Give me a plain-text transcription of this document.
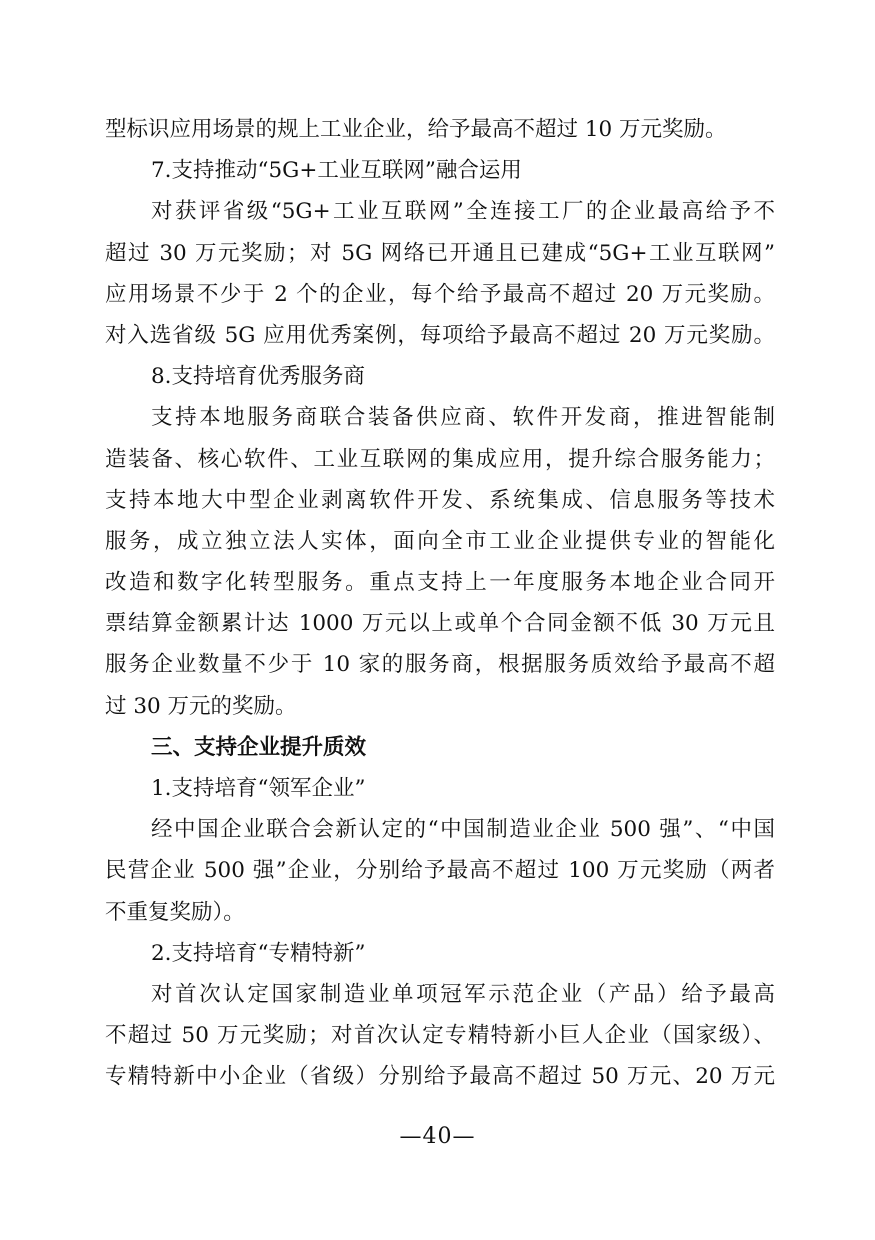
型标识应用场景的规上工业企业，给予最高不超过 10 万元奖励。
7.支持推动“5G+工业互联网”融合运用
对获评省级“5G+工业互联网”全连接工厂的企业最高给予不
超过 30 万元奖励；对 5G 网络已开通且已建成“5G+工业互联网”
应用场景不少于 2 个的企业，每个给予最高不超过 20 万元奖励。
对入选省级 5G 应用优秀案例，每项给予最高不超过 20 万元奖励。
8.支持培育优秀服务商
支持本地服务商联合装备供应商、软件开发商，推进智能制
造装备、核心软件、工业互联网的集成应用，提升综合服务能力；
支持本地大中型企业剥离软件开发、系统集成、信息服务等技术
服务，成立独立法人实体，面向全市工业企业提供专业的智能化
改造和数字化转型服务。重点支持上一年度服务本地企业合同开
票结算金额累计达 1000 万元以上或单个合同金额不低 30 万元且
服务企业数量不少于 10 家的服务商，根据服务质效给予最高不超
过 30 万元的奖励。
三、支持企业提升质效
1.支持培育“领军企业”
经中国企业联合会新认定的“中国制造业企业 500 强”、“中国
民营企业 500 强”企业，分别给予最高不超过 100 万元奖励（两者
不重复奖励）。
2.支持培育“专精特新”
对首次认定国家制造业单项冠军示范企业（产品）给予最高
不超过 50 万元奖励；对首次认定专精特新小巨人企业（国家级）、
专精特新中小企业（省级）分别给予最高不超过 50 万元、20 万元
—40—
